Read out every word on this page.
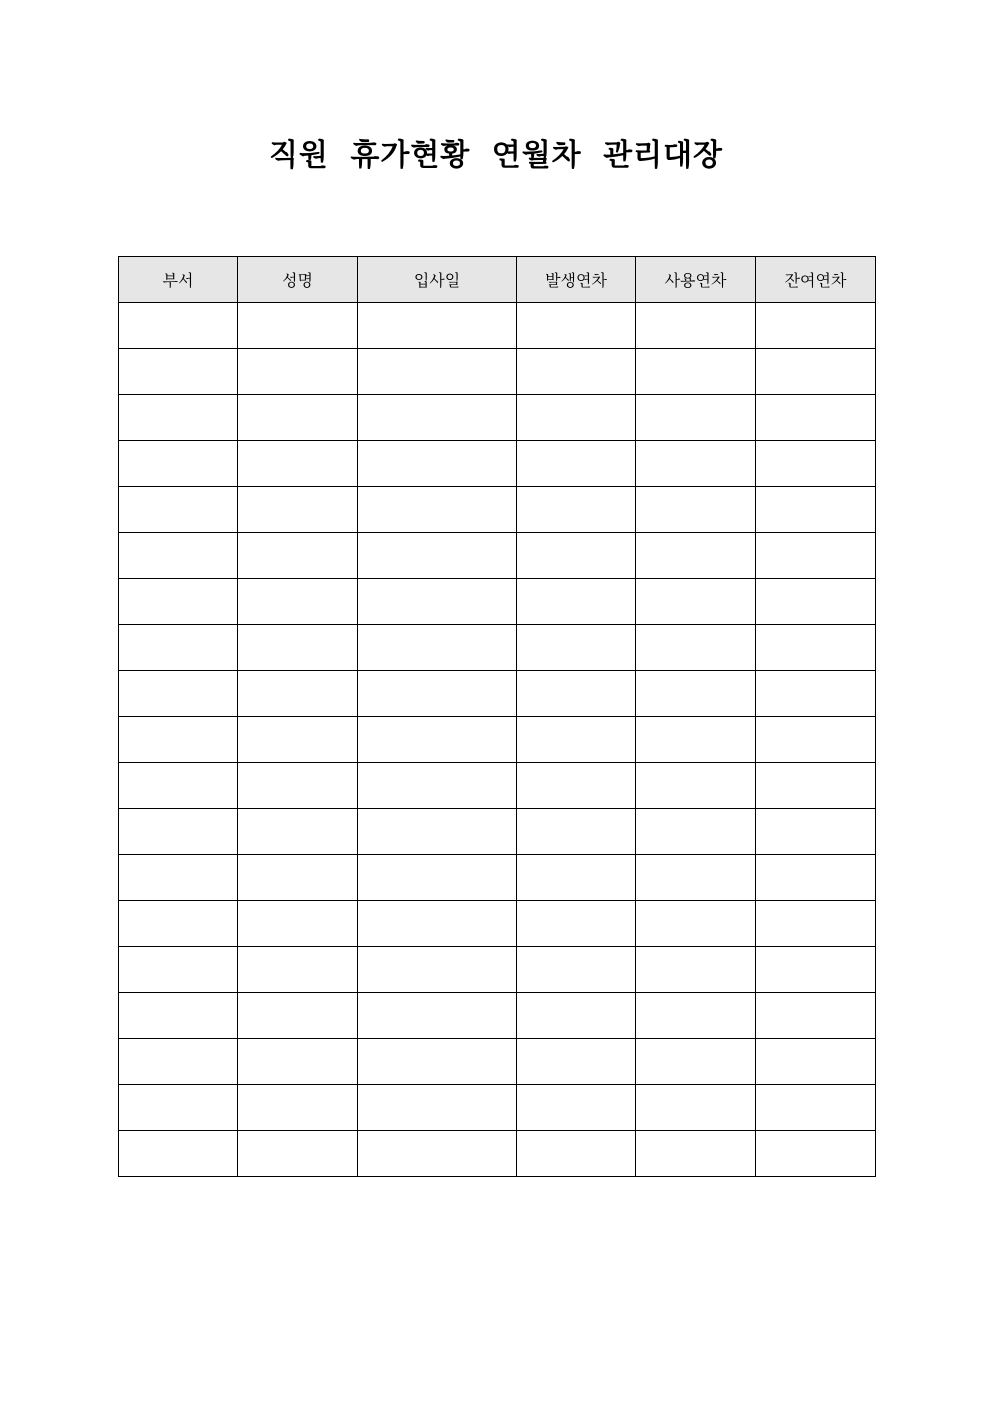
직원 휴가현황 연월차 관리대장
부서	성명	입사일	발생연차	사용연차	잔여연차
